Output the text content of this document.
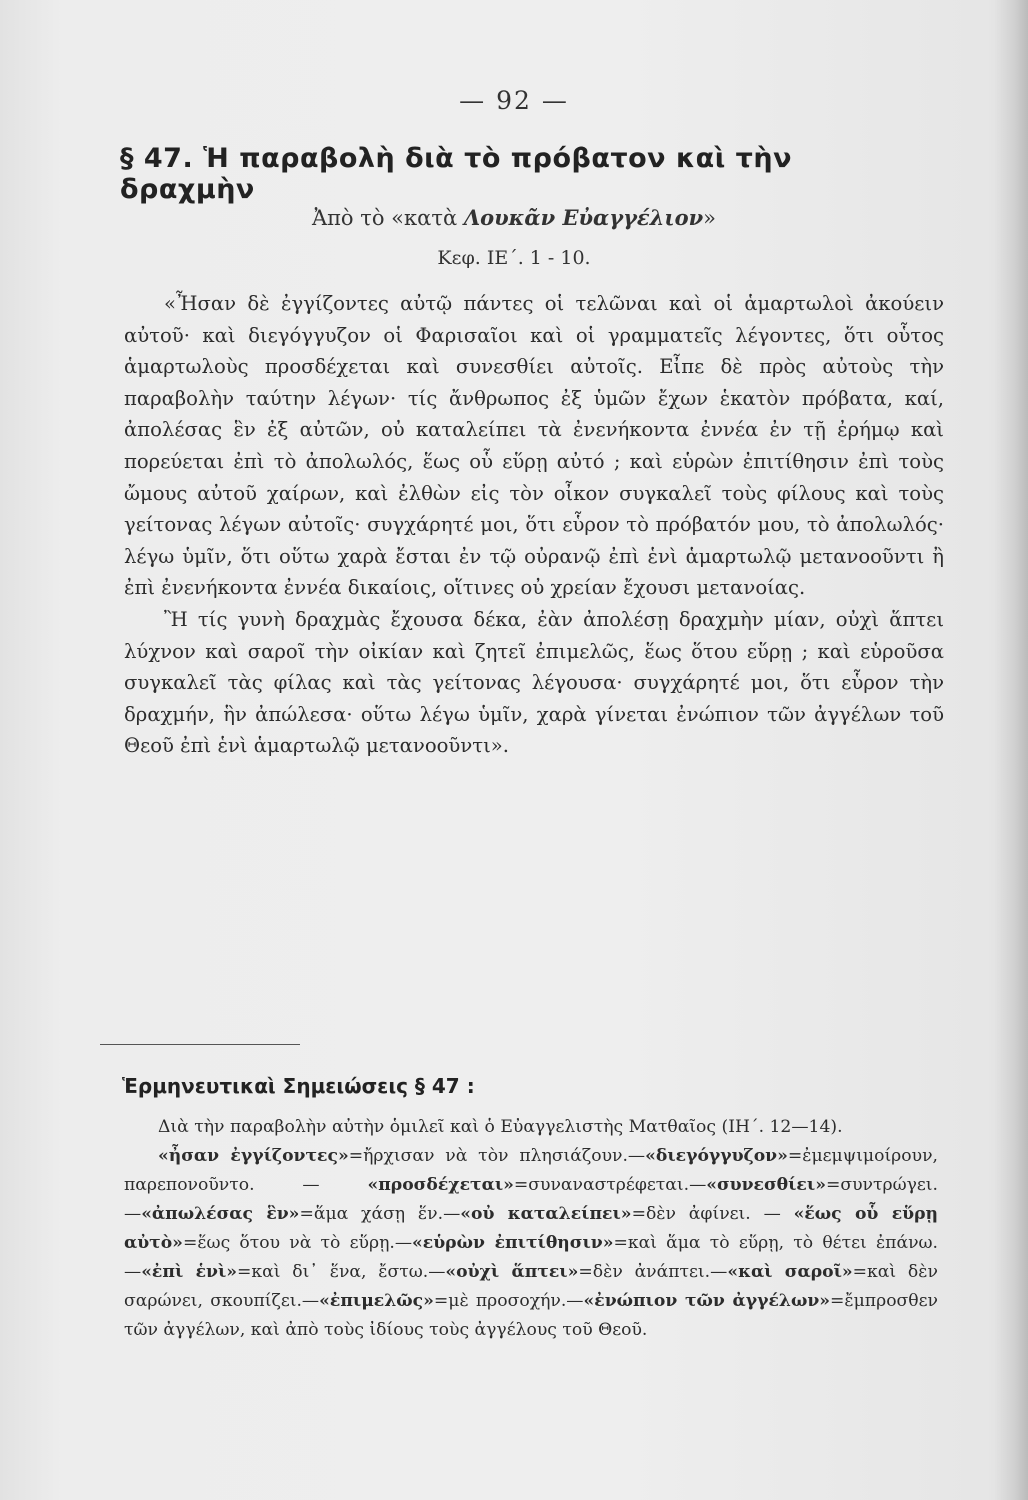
— 92 —
§ 47. Ἡ παραβολὴ διὰ τὸ πρόβατον καὶ τὴν δραχμὴν
Ἀπὸ τὸ «κατὰ Λουκᾶν Εὐαγγέλιον»
Κεφ. ΙΕ΄. 1 - 10.

«Ἦσαν δὲ ἐγγίζοντες αὐτῷ πάντες οἱ τελῶναι καὶ οἱ ἁμαρτωλοὶ ἀκούειν αὐτοῦ· καὶ διεγόγγυζον οἱ Φαρισαῖοι καὶ οἱ γραμματεῖς λέγοντες, ὅτι οὗτος ἁμαρτωλοὺς προσδέχεται καὶ συνεσθίει αὐτοῖς. Εἶπε δὲ πρὸς αὐτοὺς τὴν παραβολὴν ταύτην λέγων· τίς ἄνθρωπος ἐξ ὑμῶν ἔχων ἑκατὸν πρόβατα, καί, ἀπολέσας ἓν ἐξ αὐτῶν, οὐ καταλείπει τὰ ἐνενήκοντα ἐννέα ἐν τῇ ἐρήμῳ καὶ πορεύεται ἐπὶ τὸ ἀπολωλός, ἕως οὗ εὕρῃ αὐτό ; καὶ εὑρὼν ἐπιτίθησιν ἐπὶ τοὺς ὤμους αὐτοῦ χαίρων, καὶ ἐλθὼν εἰς τὸν οἶκον συγκαλεῖ τοὺς φίλους καὶ τοὺς γείτονας λέγων αὐτοῖς· συγχάρητέ μοι, ὅτι εὗρον τὸ πρόβατόν μου, τὸ ἀπολωλός· λέγω ὑμῖν, ὅτι οὕτω χαρὰ ἔσται ἐν τῷ οὐρανῷ ἐπὶ ἑνὶ ἁμαρτωλῷ μετανοοῦντι ἢ ἐπὶ ἐνενήκοντα ἐννέα δικαίοις, οἵτινες οὐ χρείαν ἔχουσι μετανοίας.

Ἢ τίς γυνὴ δραχμὰς ἔχουσα δέκα, ἐὰν ἀπολέσῃ δραχμὴν μίαν, οὐχὶ ἅπτει λύχνον καὶ σαροῖ τὴν οἰκίαν καὶ ζητεῖ ἐπιμελῶς, ἕως ὅτου εὕρῃ ; καὶ εὑροῦσα συγκαλεῖ τὰς φίλας καὶ τὰς γείτονας λέγουσα· συγχάρητέ μοι, ὅτι εὗρον τὴν δραχμήν, ἣν ἀπώλεσα· οὕτω λέγω ὑμῖν, χαρὰ γίνεται ἐνώπιον τῶν ἀγγέλων τοῦ Θεοῦ ἐπὶ ἑνὶ ἁμαρτωλῷ μετανοοῦντι».

Ἑρμηνευτικαὶ Σημειώσεις § 47 :

Διὰ τὴν παραβολὴν αὐτὴν ὁμιλεῖ καὶ ὁ Εὐαγγελιστὴς Ματθαῖος (ΙΗ΄. 12—14).

«ἦσαν ἐγγίζοντες»=ἤρχισαν νὰ τὸν πλησιάζουν.—«διεγόγγυζον»=ἐμεμψιμοίρουν, παρεπονοῦντο. — «προσδέχεται»=συναναστρέφεται.—«συνεσθίει»=συντρώγει.—«ἀπωλέσας ἓν»=ἅμα χάσῃ ἕν.—«οὐ καταλείπει»=δὲν ἀφίνει. — «ἕως οὗ εὕρῃ αὐτὸ»=ἕως ὅτου νὰ τὸ εὕρῃ.—«εὑρὼν ἐπιτίθησιν»=καὶ ἅμα τὸ εὕρῃ, τὸ θέτει ἐπάνω.—«ἐπὶ ἑνὶ»=καὶ δι᾽ ἕνα, ἔστω.—«οὐχὶ ἅπτει»=δὲν ἀνάπτει.—«καὶ σαροῖ»=καὶ δὲν σαρώνει, σκουπίζει.—«ἐπιμελῶς»=μὲ προσοχήν.—«ἐνώπιον τῶν ἀγγέλων»=ἔμπροσθεν τῶν ἀγγέλων, καὶ ἀπὸ τοὺς ἰδίους τοὺς ἀγγέλους τοῦ Θεοῦ.
